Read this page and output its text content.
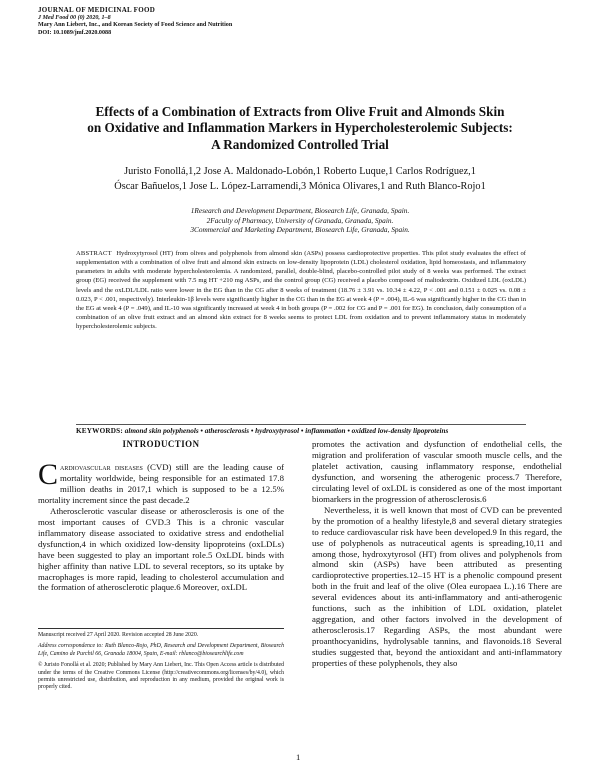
JOURNAL OF MEDICINAL FOOD
J Med Food 00 (0) 2020, 1–8
Mary Ann Liebert, Inc., and Korean Society of Food Science and Nutrition
DOI: 10.1089/jmf.2020.0088
Effects of a Combination of Extracts from Olive Fruit and Almonds Skin
on Oxidative and Inflammation Markers in Hypercholesterolemic Subjects:
A Randomized Controlled Trial
Juristo Fonollá,1,2 Jose A. Maldonado-Lobón,1 Roberto Luque,1 Carlos Rodríguez,1
Óscar Bañuelos,1 Jose L. López-Larramendi,3 Mónica Olivares,1 and Ruth Blanco-Rojo1
1Research and Development Department, Biosearch Life, Granada, Spain.
2Faculty of Pharmacy, University of Granada, Granada, Spain.
3Commercial and Marketing Department, Biosearch Life, Granada, Spain.
ABSTRACT Hydroxytyrosol (HT) from olives and polyphenols from almond skin (ASPs) possess cardioprotective properties. This pilot study evaluates the effect of supplementation with a combination of olive fruit and almond skin extracts on low-density lipoprotein (LDL) cholesterol oxidation, lipid homeostasis, and inflammatory parameters in adults with moderate hypercholesterolemia. A randomized, parallel, double-blind, placebo-controlled pilot study of 8 weeks was performed. The extract group (EG) received the supplement with 7.5 mg HT +210 mg ASPs, and the control group (CG) received a placebo composed of maltodextrin. Oxidized LDL (oxLDL) levels and the oxLDL/LDL ratio were lower in the EG than in the CG after 8 weeks of treatment (18.76 ± 3.91 vs. 10.34 ± 4.22, P < .001 and 0.151 ± 0.025 vs. 0.08 ± 0.023, P < .001, respectively). Interleukin-1β levels were significantly higher in the CG than in the EG at week 4 (P = .004), IL-6 was significantly higher in the CG than in the EG at week 4 (P = .049), and IL-10 was significantly increased at week 4 in both groups (P = .002 for CG and P = .001 for EG). In conclusion, daily consumption of a combination of an olive fruit extract and an almond skin extract for 8 weeks seems to protect LDL from oxidation and to prevent inflammatory status in moderately hypercholesterolemic subjects.
KEYWORDS: almond skin polyphenols • atherosclerosis • hydroxytyrosol • inflammation • oxidized low-density lipoproteins
INTRODUCTION

Cardiovascular diseases (CVD) still are the leading cause of mortality worldwide, being responsible for an estimated 17.8 million deaths in 2017,1 which is supposed to be a 12.5% mortality increment since the past decade.2

Atherosclerotic vascular disease or atherosclerosis is one of the most important causes of CVD.3 This is a chronic vascular inflammatory disease associated to oxidative stress and endothelial dysfunction,4 in which oxidized low-density lipoproteins (oxLDLs) have been suggested to play an important role.5 OxLDL binds with higher affinity than native LDL to several receptors, so its uptake by macrophages is more rapid, leading to cholesterol accumulation and the formation of atherosclerotic plaque.6 Moreover, oxLDL

promotes the activation and dysfunction of endothelial cells, the migration and proliferation of vascular smooth muscle cells, and the platelet activation, causing inflammatory response, endothelial dysfunction, and worsening the atherogenic process.7 Therefore, circulating level of oxLDL is considered as one of the most important biomarkers in the progression of atherosclerosis.6

Nevertheless, it is well known that most of CVD can be prevented by the promotion of a healthy lifestyle,8 and several dietary strategies to reduce cardiovascular risk have been developed.9 In this regard, the use of polyphenols as nutraceutical agents is spreading,10,11 and among those, hydroxytyrosol (HT) from olives and polyphenols from almond skin (ASPs) have been attributed as presenting cardioprotective properties.12–15 HT is a phenolic compound present both in the fruit and leaf of the olive (Olea europaea L.).16 There are several evidences about its anti-inflammatory and anti-atherogenic functions, such as the inhibition of LDL oxidation, platelet aggregation, and other factors involved in the development of atherosclerosis.17 Regarding ASPs, the most abundant were proanthocyanidins, hydrolysable tannins, and flavonoids.18 Several studies suggested that, beyond the antioxidant and anti-inflammatory properties of these polyphenols, they also

Manuscript received 27 April 2020. Revision accepted 28 June 2020.
Address correspondence to: Ruth Blanco-Rojo, PhD, Research and Development Department, Biosearch Life, Camino de Purchil 66, Granada 18004, Spain, E-mail: rblanco@biosearchlife.com
© Juristo Fonollá et al. 2020; Published by Mary Ann Liebert, Inc. This Open Access article is distributed under the terms of the Creative Commons License (http://creativecommons.org/licenses/by/4.0), which permits unrestricted use, distribution, and reproduction in any medium, provided the original work is properly cited.
1
